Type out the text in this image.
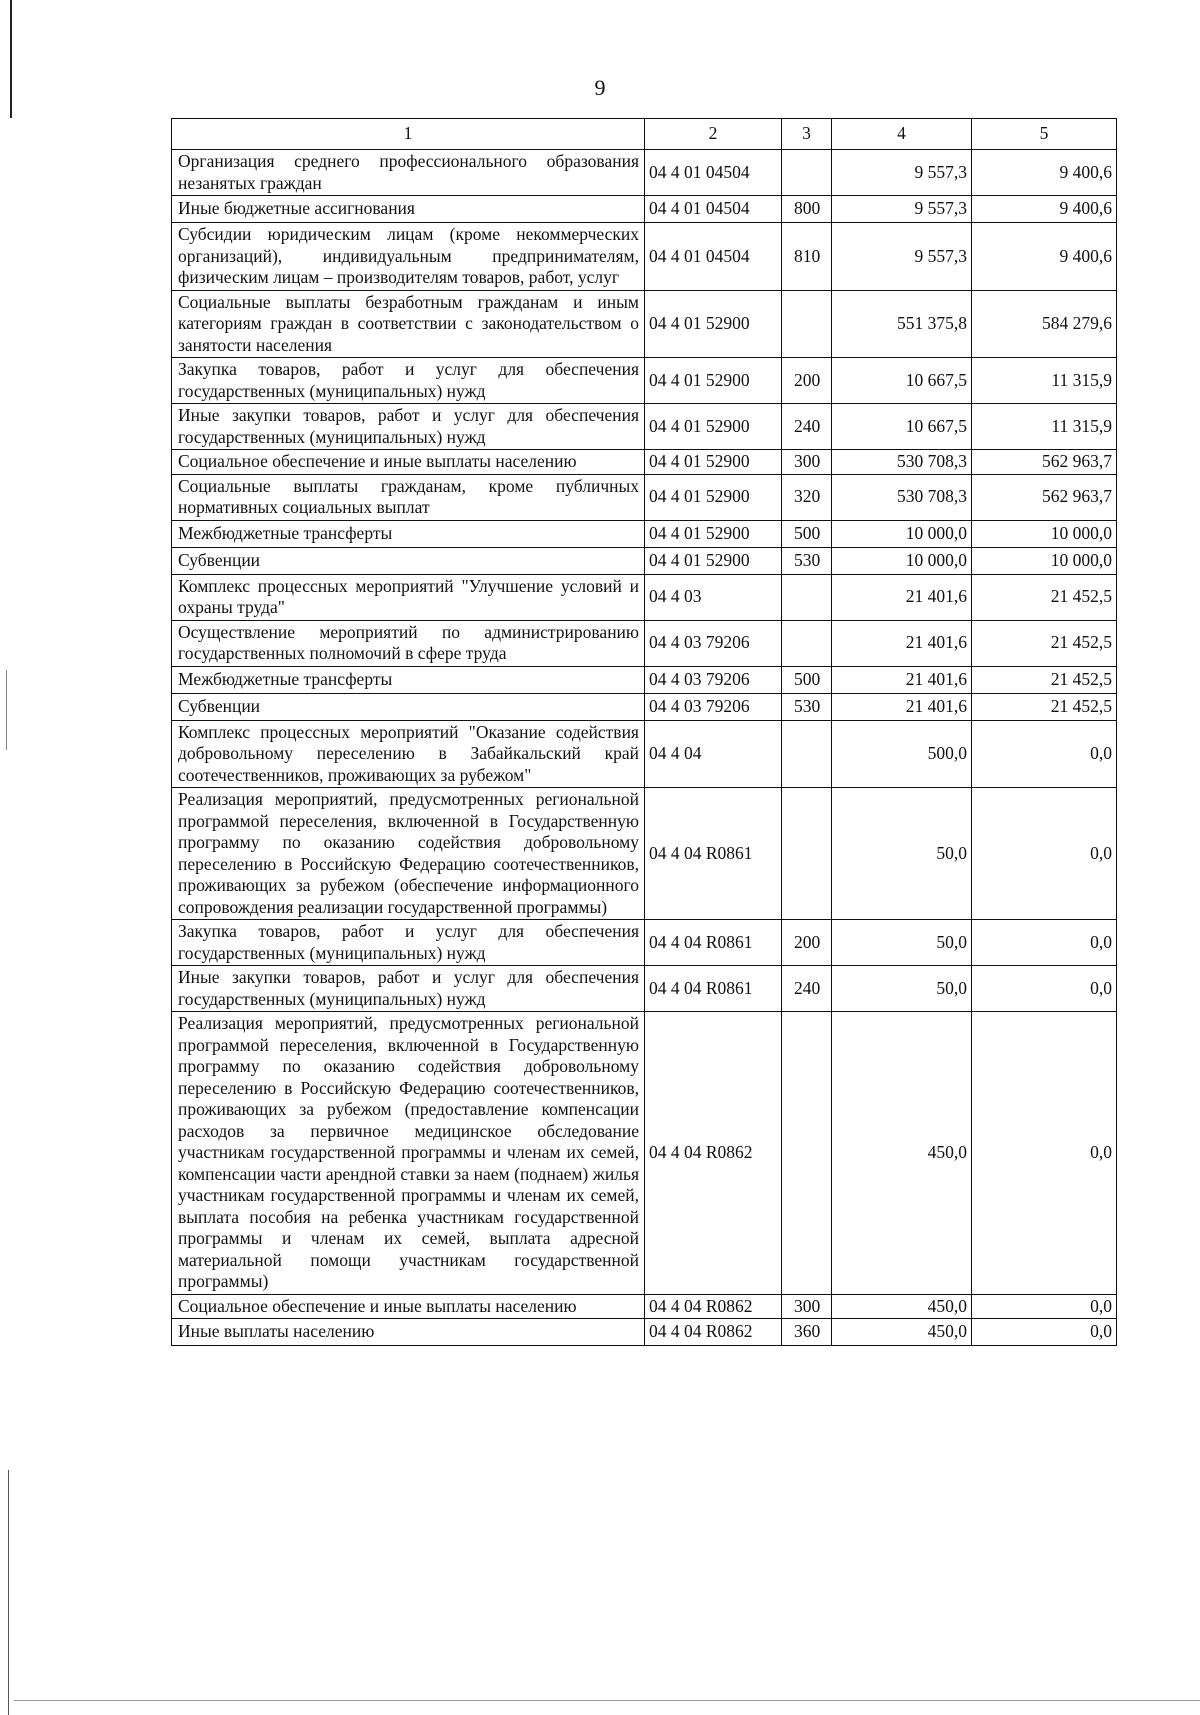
9
1	2	3	4	5
Организация среднего профессионального образования незанятых граждан	04 4 01 04504		9 557,3	9 400,6
Иные бюджетные ассигнования	04 4 01 04504	800	9 557,3	9 400,6
Субсидии юридическим лицам (кроме некоммерческих организаций), индивидуальным предпринимателям, физическим лицам – производителям товаров, работ, услуг	04 4 01 04504	810	9 557,3	9 400,6
Социальные выплаты безработным гражданам и иным категориям граждан в соответствии с законодательством о занятости населения	04 4 01 52900		551 375,8	584 279,6
Закупка товаров, работ и услуг для обеспечения государственных (муниципальных) нужд	04 4 01 52900	200	10 667,5	11 315,9
Иные закупки товаров, работ и услуг для обеспечения государственных (муниципальных) нужд	04 4 01 52900	240	10 667,5	11 315,9
Социальное обеспечение и иные выплаты населению	04 4 01 52900	300	530 708,3	562 963,7
Социальные выплаты гражданам, кроме публичных нормативных социальных выплат	04 4 01 52900	320	530 708,3	562 963,7
Межбюджетные трансферты	04 4 01 52900	500	10 000,0	10 000,0
Субвенции	04 4 01 52900	530	10 000,0	10 000,0
Комплекс процессных мероприятий "Улучшение условий и охраны труда"	04 4 03		21 401,6	21 452,5
Осуществление мероприятий по администрированию государственных полномочий в сфере труда	04 4 03 79206		21 401,6	21 452,5
Межбюджетные трансферты	04 4 03 79206	500	21 401,6	21 452,5
Субвенции	04 4 03 79206	530	21 401,6	21 452,5
Комплекс процессных мероприятий "Оказание содействия добровольному переселению в Забайкальский край соотечественников, проживающих за рубежом"	04 4 04		500,0	0,0
Реализация мероприятий, предусмотренных региональной программой переселения, включенной в Государственную программу по оказанию содействия добровольному переселению в Российскую Федерацию соотечественников, проживающих за рубежом (обеспечение информационного сопровождения реализации государственной программы)	04 4 04 R0861		50,0	0,0
Закупка товаров, работ и услуг для обеспечения государственных (муниципальных) нужд	04 4 04 R0861	200	50,0	0,0
Иные закупки товаров, работ и услуг для обеспечения государственных (муниципальных) нужд	04 4 04 R0861	240	50,0	0,0
Реализация мероприятий, предусмотренных региональной программой переселения, включенной в Государственную программу по оказанию содействия добровольному переселению в Российскую Федерацию соотечественников, проживающих за рубежом (предоставление компенсации расходов за первичное медицинское обследование участникам государственной программы и членам их семей, компенсации части арендной ставки за наем (поднаем) жилья участникам государственной программы и членам их семей, выплата пособия на ребенка участникам государственной программы и членам их семей, выплата адресной материальной помощи участникам государственной программы)	04 4 04 R0862		450,0	0,0
Социальное обеспечение и иные выплаты населению	04 4 04 R0862	300	450,0	0,0
Иные выплаты населению	04 4 04 R0862	360	450,0	0,0
